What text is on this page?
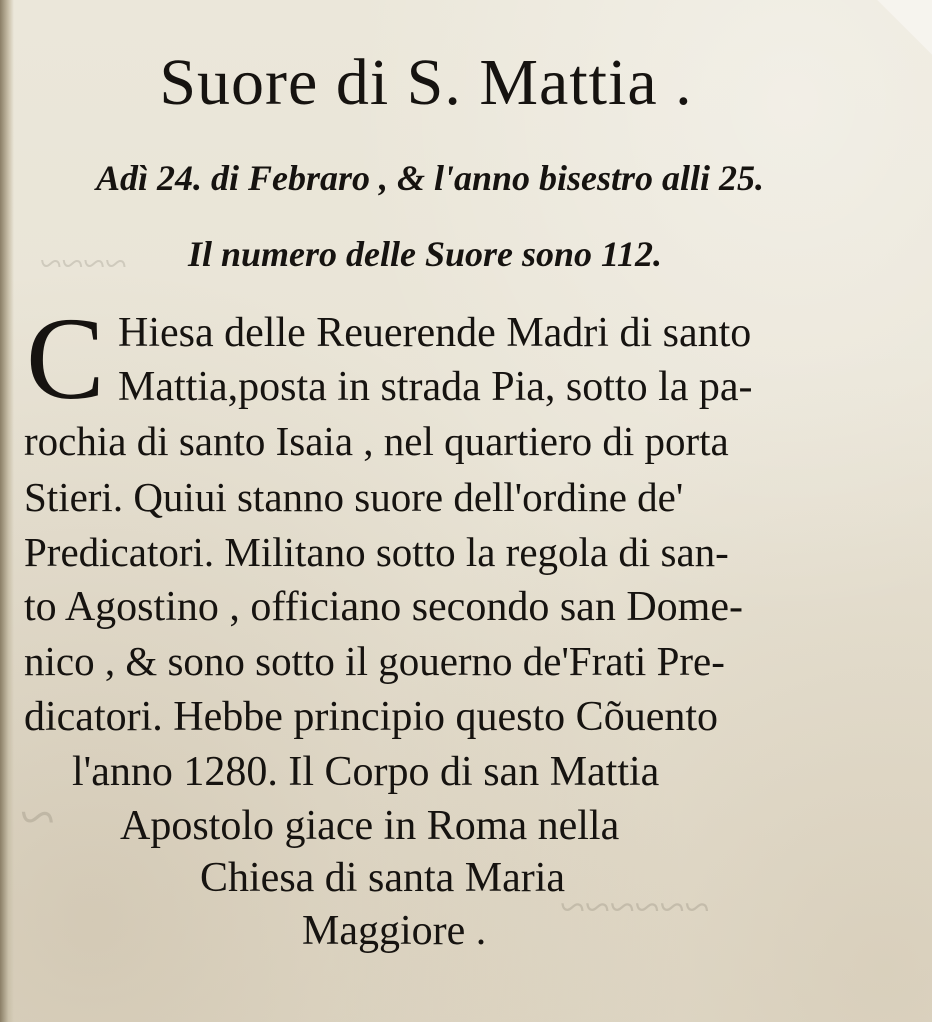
~~~~~~
~~~~
~
Suore di S. Mattia .
Adì 24. di Febraro , & l'anno bisestro alli 25.
Il numero delle Suore sono 112.
C Hiesa delle Reuerende Madri di santo
Mattia,posta in strada Pia, sotto la pa-
rochia di santo Isaia , nel quartiero di porta
Stieri. Quiui stanno suore dell'ordine de'
Predicatori. Militano sotto la regola di san-
to Agostino , officiano secondo san Dome-
nico , & sono sotto il gouerno de'Frati Pre-
dicatori. Hebbe principio questo Cõuento
l'anno 1280. Il Corpo di san Mattia
Apostolo giace in Roma nella
Chiesa di santa Maria
Maggiore .
